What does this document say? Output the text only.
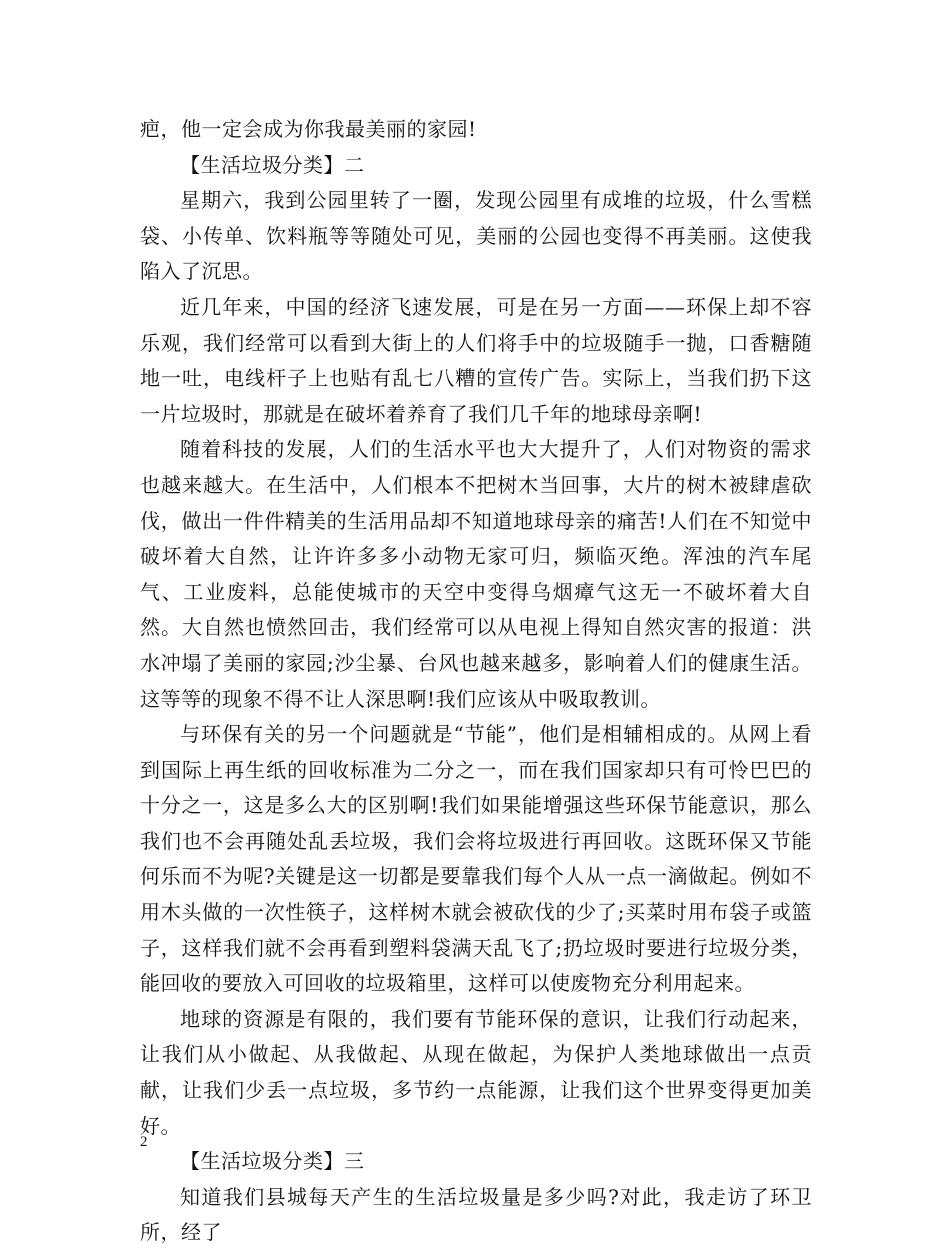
疤，他一定会成为你我最美丽的家园!

【生活垃圾分类】二

星期六，我到公园里转了一圈，发现公园里有成堆的垃圾，什么雪糕袋、小传单、饮料瓶等等随处可见，美丽的公园也变得不再美丽。这使我陷入了沉思。

近几年来，中国的经济飞速发展，可是在另一方面——环保上却不容乐观，我们经常可以看到大街上的人们将手中的垃圾随手一抛，口香糖随地一吐，电线杆子上也贴有乱七八糟的宣传广告。实际上，当我们扔下这一片垃圾时，那就是在破坏着养育了我们几千年的地球母亲啊!

随着科技的发展，人们的生活水平也大大提升了，人们对物资的需求也越来越大。在生活中，人们根本不把树木当回事，大片的树木被肆虐砍伐，做出一件件精美的生活用品却不知道地球母亲的痛苦!人们在不知觉中破坏着大自然，让许许多多小动物无家可归，频临灭绝。浑浊的汽车尾气、工业废料，总能使城市的天空中变得乌烟瘴气这无一不破坏着大自然。大自然也愤然回击，我们经常可以从电视上得知自然灾害的报道：洪水冲塌了美丽的家园;沙尘暴、台风也越来越多，影响着人们的健康生活。这等等的现象不得不让人深思啊!我们应该从中吸取教训。

与环保有关的另一个问题就是“节能”，他们是相辅相成的。从网上看到国际上再生纸的回收标准为二分之一，而在我们国家却只有可怜巴巴的十分之一，这是多么大的区别啊!我们如果能增强这些环保节能意识，那么我们也不会再随处乱丢垃圾，我们会将垃圾进行再回收。这既环保又节能何乐而不为呢?关键是这一切都是要靠我们每个人从一点一滴做起。例如不用木头做的一次性筷子，这样树木就会被砍伐的少了;买菜时用布袋子或篮子，这样我们就不会再看到塑料袋满天乱飞了;扔垃圾时要进行垃圾分类，能回收的要放入可回收的垃圾箱里，这样可以使废物充分利用起来。

地球的资源是有限的，我们要有节能环保的意识，让我们行动起来，让我们从小做起、从我做起、从现在做起，为保护人类地球做出一点贡献，让我们少丢一点垃圾，多节约一点能源，让我们这个世界变得更加美好。

【生活垃圾分类】三

知道我们县城每天产生的生活垃圾量是多少吗?对此，我走访了环卫所，经了

2
